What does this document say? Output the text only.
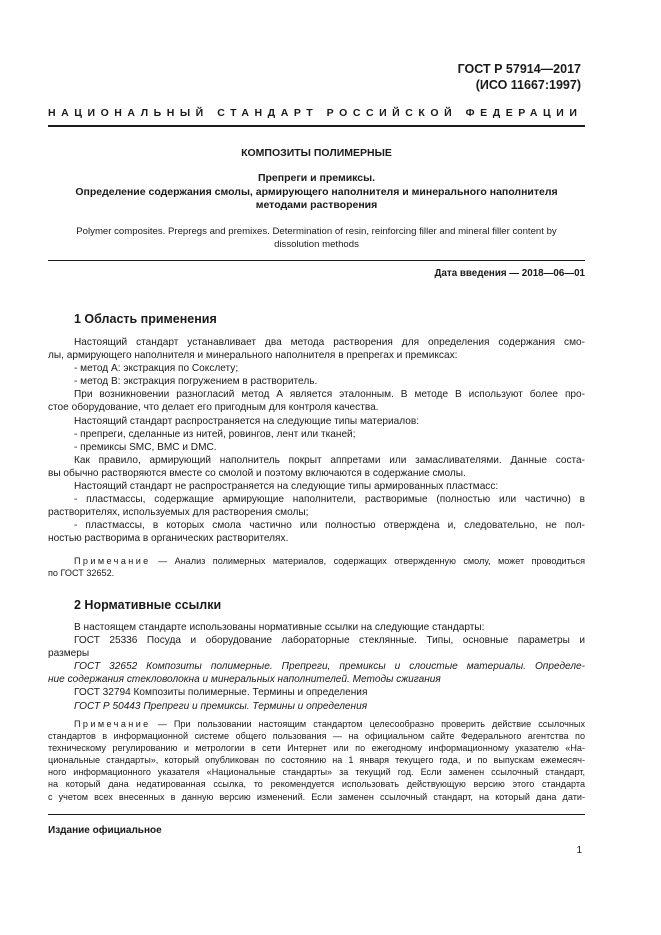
ГОСТ Р 57914—2017
(ИСО 11667:1997)
НАЦИОНАЛЬНЫЙ СТАНДАРТ РОССИЙСКОЙ ФЕДЕРАЦИИ
КОМПОЗИТЫ ПОЛИМЕРНЫЕ
Препреги и премиксы.
Определение содержания смолы, армирующего наполнителя и минерального наполнителя
методами растворения
Polymer composites. Prepregs and premixes. Determination of resin, reinforcing filler and mineral filler content by
dissolution methods
Дата введения — 2018—06—01
1 Область применения

Настоящий стандарт устанавливает два метода растворения для определения содержания смо-

лы, армирующего наполнителя и минерального наполнителя в препрегах и премиксах:

- метод А: экстракция по Сокслету;

- метод В: экстракция погружением в растворитель.

При возникновении разногласий метод А является эталонным. В методе В используют более про-

стое оборудование, что делает его пригодным для контроля качества.

Настоящий стандарт распространяется на следующие типы материалов:

- препреги, сделанные из нитей, ровингов, лент или тканей;

- премиксы SMC, BMC и DMC.

Как правило, армирующий наполнитель покрыт аппретами или замасливателями. Данные соста-

вы обычно растворяются вместе со смолой и поэтому включаются в содержание смолы.

Настоящий стандарт не распространяется на следующие типы армированных пластмасс:

- пластмассы, содержащие армирующие наполнители, растворимые (полностью или частично) в

растворителях, используемых для растворения смолы;

- пластмассы, в которых смола частично или полностью отверждена и, следовательно, не пол-

ностью растворима в органических растворителях.

Примечание — Анализ полимерных материалов, содержащих отвержденную смолу, может проводиться

по ГОСТ 32652.

2 Нормативные ссылки

В настоящем стандарте использованы нормативные ссылки на следующие стандарты:

ГОСТ 25336 Посуда и оборудование лабораторные стеклянные. Типы, основные параметры и

размеры

ГОСТ 32652 Композиты полимерные. Препреги, премиксы и слоистые материалы. Определе-

ние содержания стекловолокна и минеральных наполнителей. Методы сжигания

ГОСТ 32794 Композиты полимерные. Термины и определения

ГОСТ Р 50443 Препреги и премиксы. Термины и определения

Примечание — При пользовании настоящим стандартом целесообразно проверить действие ссылочных

стандартов в информационной системе общего пользования — на официальном сайте Федерального агентства по

техническому регулированию и метрологии в сети Интернет или по ежегодному информационному указателю «На-

циональные стандарты», который опубликован по состоянию на 1 января текущего года, и по выпускам ежемесяч-

ного информационного указателя «Национальные стандарты» за текущий год. Если заменен ссылочный стандарт,

на который дана недатированная ссылка, то рекомендуется использовать действующую версию этого стандарта

с учетом всех внесенных в данную версию изменений. Если заменен ссылочный стандарт, на который дана дати-

Издание официальное
1
